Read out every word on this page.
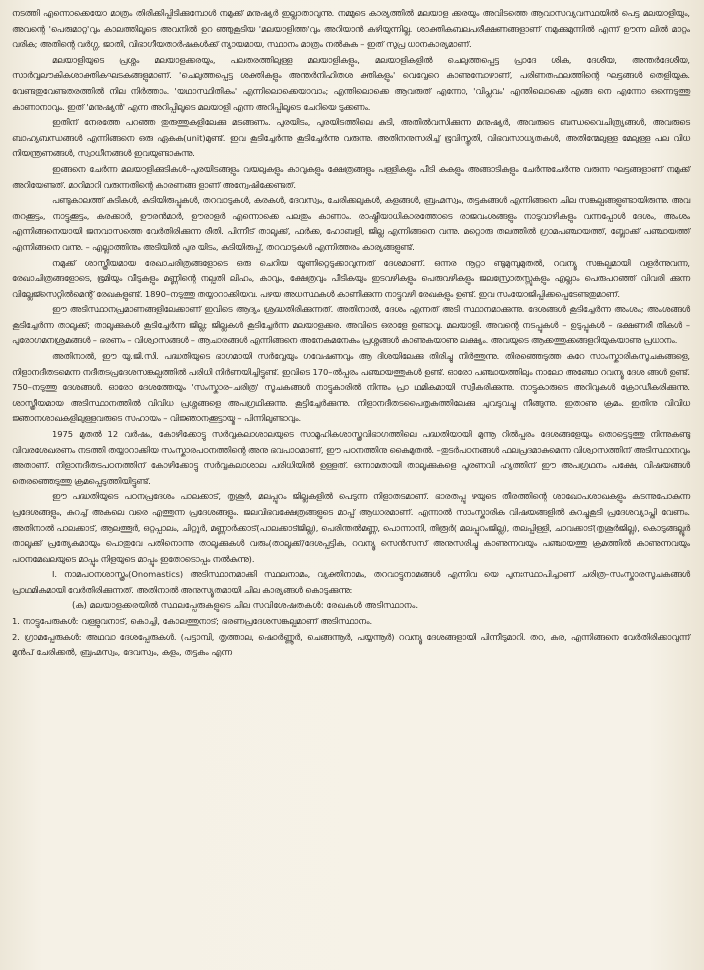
നടത്തി എന്നൊക്കെയോ മാത്രം തിരിക്കിപ്പിടിക്കുമ്പോൾ നമുക്ക് മനുഷ്യർ ഇല്ലാതാവുന്നു. നമ്മുടെ കാര്യത്തിൽ മലയാള ക്കരയും അവിടത്തെ ആവാസവ്യവസ്ഥയിൽ പെട്ട മലയാളിയും, അവന്റെ 'പെരുമാറ്റ'വും കാലത്തിലൂടെ അവനിൽ ഉറ ഞ്ഞുകൂടിയ 'മലയാളിത്ത'വും അറിയാൻ കഴിയുന്നില്ല. ശാക്തികബലപരീക്ഷണങ്ങളാണ് നമുക്കുമുന്നിൽ എന്ന് ഊന്ന ലിൽ മാറ്റം വരിക; അതിന്റെ വർഗ്ഗ, ജാതി, വിഭാഗീയതാർഷകൾക്ക് ന്യായമായ, സ്ഥാനം മാത്രം നൽകുക – ഇത് സുപ്ര ധാനകാര്യമാണ്.

മലയാളിയുടെ പ്രശ്നം മലയാളക്കരയും, പലതരത്തിലുള്ള മലയാളികളും, മലയാളികളിൽ ചെലുത്തപ്പെട്ട പ്രാദേ ശിക, ദേശീയ, അന്തർദേശീയ, സാർവ്വലൗകികശാക്തികഘടകങ്ങളുമാണ്. 'ചെലുത്തപ്പെട്ട ശക്തികളും അന്തർനിഹിതശ ക്തികളും' വെവ്വേറെ കാണുമ്പോഴാണ്, പരിണതഫലത്തിന്റെ ഘട്ടങ്ങൾ തെളിയുക. വേണ്ടതുവേണ്ടതരത്തിൽ നില നിർത്താം. 'യഥാസ്ഥിതികം' എന്നിലൊക്കെയാവാം; എന്തിലൊക്കെ ആവരുത് എന്നോ, 'വിപ്ലവം' എന്തിലൊക്കെ എങ്ങ നെ എന്നോ ഒന്നെടുത്തു കാണാനാവും. ഇത് 'മനുഷ്യൻ' എന്ന അറിപ്പിലൂടെ മലയാളി എന്ന അറിപ്പിലൂടെ ചേറിയെ ടുക്കണം.

ഇതിന് നേരത്തേ പറഞ്ഞ തുരുത്തുകളിലേക്കു മടങ്ങണം. പുരയിടം, പുരയിടത്തിലെ കുടി, അതിൽവസിക്കുന്ന മനുഷ്യർ, അവരുടെ ബന്ധവൈചിത്ര്യങ്ങൾ, അവരുടെ ബാഹ്യബന്ധങ്ങൾ എന്നിങ്ങനെ ഒരു ഏകക(unit)മുണ്ട്. ഇവ കൂടിച്ചേർന്നു കൂടിച്ചേർന്നു വരുന്നു. അതിനനുസരിച്ച് ഭൂവിസ്തൃതി, വിഭവസാധ്യതകൾ, അതിന്മേലുള്ള മേലുള്ള പല വിധ നിയന്ത്രണങ്ങൾ, സ്വാധീനങ്ങൾ ഇവയുണ്ടാകുന്നു.

ഇങ്ങനെ ചേർന്ന മലയാളിക്കുടികൾ–പുരയിടങ്ങളും വയലുകളും കാവുകളും ക്ഷേത്രങ്ങളും പള്ളികളും പീടി കകളും അങ്ങാടികളും ചേർന്നുചേർന്നു വരുന്ന ഘട്ടങ്ങളാണ് നമുക്ക് അറിയേണ്ടത്. മാറിമാറി വരുന്നതിന്റെ കാരണങ്ങ ളാണ് അന്വേഷിക്കേണ്ടത്.

പണ്ടുകാലത്ത് കുടികൾ, കുടിയിരുപ്പുകൾ, തറവാടുകൾ, കരകൾ, ദേവസ്വം, ചേരിക്കലുകൾ, കളങ്ങൾ, ബ്രഹ്മസ്വം, തട്ടകങ്ങൾ എന്നിങ്ങനെ ചില സങ്കല്പങ്ങളുണ്ടായിരുന്നു. അവ തറക്കൂട്ടം, നാട്ടുക്കൂട്ടം, കരക്കാർ, ഊരൻമാർ, ഊരാളർ എന്നൊക്കെ പലതും കാണാം. രാഷ്ട്രീയാധികാരത്തോടെ രാജവംശങ്ങളും നാടുവാഴികളും വന്നപ്പോൾ ദേശം, അംശം എന്നിങ്ങനെയായി ജനവാസത്തെ വേർതിരിക്കുന്ന രീതി. പിന്നീട് താലൂക്ക്, ഫർക്ക, ഹോബളി, ജില്ല എന്നിങ്ങനെ വന്നു. മറ്റൊരു തലത്തിൽ ഗ്രാമപഞ്ചായത്ത്, ബ്ലോക്ക് പഞ്ചായത്ത് എന്നിങ്ങനെ വന്നു. – എല്ലാത്തിനും അടിയിൽ പുര യിടം, കുടിയിരുപ്പ്, തറവാടുകൾ എന്നിത്തരം കാര്യങ്ങളുണ്ട്.

നമുക്ക് ശാസ്ത്രീയമായ രേഖാചരിത്രങ്ങളോടെ ഒരു ചെറിയ യൂണിറ്റെടുക്കാവുന്നത് ദേശമാണ്. ഒന്നര നൂറ്റാ ണ്ടുമുമ്പുമുതൽ, റവന്യൂ സങ്കല്പമായി വളർന്നുവന്ന, രേഖാചിത്രങ്ങളോടെ, ഭൂമിയും വീടുകളും മണ്ണിന്റെ നല്പതി ലിഹം, കാവും, ക്ഷേത്രവും പീടികയും ഇടവഴികളും പെരുവഴികളും ജലസ്രോതസ്സുകളും എല്ലാം പെരുപറഞ്ഞ് വിവരി ക്കുന്ന വില്ലേജ്സെറ്റിൽമെന്റ് രേഖകളുണ്ട്. 1890–നടുത്തു തയ്യാറാക്കിയവ. പഴയ അധസ്ഥകൾ കാണിക്കുന്ന നാട്ടുവഴി രേഖകളും ഉണ്ട്. ഇവ സംയോജിപ്പിക്കപ്പെടേണ്ടതുമാണ്.

ഈ അടിസ്ഥാനപ്രമാണങ്ങളിലേക്കാണ് ഇവിടെ ആദ്യം ശ്രദ്ധതിരിക്കുന്നത്. അതിനാൽ, ദേശം എന്നത് അടി സ്ഥാനമാക്കുന്നു. ദേശങ്ങൾ കൂടിച്ചേർന്ന അംശം; അംശങ്ങൾ കൂടിച്ചേർന്ന താലൂക്ക്; താലൂക്കുകൾ കൂടിച്ചേർന്ന ജില്ല; ജില്ലകൾ കൂടിച്ചേർന്ന മലയാളക്കര. അവിടെ ഒരാളേ ഉണ്ടാവൂ. മലയാളി. അവന്റെ നടപ്പുകൾ – ഉടുപ്പുകൾ – ഭക്ഷണരീ തികൾ – പുരോഗമനശ്രമങ്ങൾ – ഭരണം – വിശ്വാസങ്ങൾ – ആചാരങ്ങൾ എന്നിങ്ങനെ അനേകമനേകം പ്രശ്നങ്ങൾ കാണുകയാണു ലക്ഷ്യം. അവയുടെ ആക്കത്തുക്കങ്ങളറിയുകയാണു പ്രധാനം.

അതിനാൽ, ഈ യു.ജി.സി. പദ്ധതിയുടെ ഭാഗമായി സർവ്വേയും ഗവേഷണവും ആ ദിശയിലേക്കു തിരിച്ചു നിർത്തുന്നു. തിരഞ്ഞെടുത്ത കുറേ സാംസ്കാരികസൂചകങ്ങളെ, നിളാനദീതടമെന്ന നദീതടപ്രദേശസങ്കല്പത്തിൽ പരിധി നിർണയിച്ചിട്ടുണ്ട്. ഇവിടെ 170–ൽപ്പരം പഞ്ചായത്തുകൾ ഉണ്ട്. ഓരോ പഞ്ചായത്തിലും നാലോ അഞ്ചോ റവന്യൂ ദേശ ങ്ങൾ ഉണ്ട്. 750–നടുത്തു ദേശങ്ങൾ. ഓരോ ദേശത്തേയും 'സംസ്കാര–ചരിത്ര' സൂചകങ്ങൾ നാട്ടുകാരിൽ നിന്നും പ്രാ ഥമികമായി സ്വീകരിക്കുന്നു. നാട്ടുകാരുടെ അറിവുകൾ ക്രോഡീകരിക്കുന്നു. ശാസ്ത്രീയമായ അടിസ്ഥാനത്തിൽ വിവിധ പ്രശ്നങ്ങളെ അപഗ്രഥിക്കുന്നു. കൂട്ടിച്ചേർക്കുന്നു. നിളാനദീതടപൈതൃകത്തിലേക്കു ചുവടുവച്ചു നീങ്ങുന്നു. ഇതാണു ക്രമം. ഇതിനു വിവിധ ജ്ഞാനശാഖകളിലുള്ളവരുടെ സഹായം – വിജ്ഞാനക്കൂട്ടായ്മ – പിന്നിലുണ്ടാവും.

1975 മുതൽ 12 വർഷം, കോഴിക്കോട്ടു സർവ്വകലാശാലയുടെ സാമൂഹികശാസ്ത്രവിഭാഗത്തിലെ പദ്ധതിയായി മുന്നൂ റിൽപ്പരം ദേശങ്ങളേയും തൊട്ടെടുത്തു നിന്നുകണ്ടു വിവരശേഖരണം നടത്തി തയ്യാറാക്കിയ സംസ്കാരപഠനത്തിന്റെ അനു ഭവപാഠമാണ്, ഈ പഠനത്തിനു കൈമുതൽ. –തുടർപഠനങ്ങൾ ഫലപ്രദമാകുമെന്ന വിശ്വാസത്തിന് അടിസ്ഥാനവും അതാണ്. നിളാനദീതടപഠനത്തിന് കോഴിക്കോട്ടു സർവ്വകലാശാല പരിധിയിൽ ഉള്ളത്. ഒന്നാമതായി താലൂക്കുകളെ പൂരണവി ഹ്യത്തിന് ഈ അപഗ്രഥനം പക്ഷേ, വിഷയങ്ങൾ തെരഞ്ഞെടുത്തു ക്രമപ്പെടുത്തിയിട്ടുണ്ട്.

ഈ പദ്ധതിയുടെ പഠനപ്രദേശം പാലക്കാട്, തൃശൂർ, മലപ്പുറം ജില്ലകളിൽ പെടുന്ന നിളാതടമാണ്. ഭാരതപ്പു ഴയുടെ തീരത്തിന്റെ ശാഖോപശാഖകളും കടന്നുപോകുന്ന പ്രദേശങ്ങളും, കുറച്ച് അകലെ വരെ എത്തുന്ന പ്രദേശങ്ങളും. ജലവിഭവക്ഷേത്രങ്ങളുടെ മാപ്പ് ആധാരമാണ്. എന്നാൽ സാംസ്കാരിക വിഷയങ്ങളിൽ കുറച്ചുകൂടി പ്രദേശവ്യാപ്തി വേണം. അതിനാൽ പാലക്കാട്, ആലത്തൂർ, ഒറ്റപ്പാലം, ചിറ്റൂർ, മണ്ണാർക്കാട്(പാലക്കാട്ജില്ല), പെരിന്തൽമണ്ണ, പൊന്നാനി, തിരൂർ( മലപ്പുറംജില്ല), തലപ്പിള്ളി, ചാവക്കാട്(തൃശൂർജില്ല), കൊടുങ്ങല്ലൂർ താലൂക്ക് പ്രത്യേകമായും പൊതുവേ പതിനൊന്നു താലൂക്കുകൾ വരും(താലൂക്ക്/ദേശപ്പട്ടിക, റവന്യൂ സെൻസസ് അനുസരിച്ചു കാണുന്നവയും പഞ്ചായത്തു ക്രമത്തിൽ കാണുന്നവയും പഠനമേഖലയുടെ മാപ്പും നിളയുടെ മാപ്പും ഇതോടൊപ്പം നൽകുന്നു).

I. നാമപഠനശാസ്ത്രം(Onomastics) അടിസ്ഥാനമാക്കി സ്ഥലനാമം, വ്യക്തിനാമം, തറവാട്ടുനാമങ്ങൾ എന്നിവ യെ പുനഃസ്ഥാപിച്ചാണ് ചരിത്ര–സംസ്കാരസൂചകങ്ങൾ പ്രാഥമികമായി വേർതിരിക്കുന്നത്. അതിനാൽ അനുസ്യൂതമായി ചില കാര്യങ്ങൾ കൊടുക്കുന്നു:

(ക) മലയാളക്കരയിൽ സ്ഥലപ്പേരുകളുടെ ചില സവിശേഷതകൾ: രേഖകൾ അടിസ്ഥാനം.

1. നാട്ടുപേരുകൾ: വള്ളുവനാട്, കൊച്ചി, കോലത്തുനാട്; ഭരണപ്രദേശസങ്കല്പമാണ് അടിസ്ഥാനം.

2. ഗ്രാമപ്പേരുകൾ: അഥവാ ദേശപ്പേരുകൾ. (പട്ടാമ്പി, തൃത്താല, ഷൊർണ്ണൂർ, ചെങ്ങന്നൂർ, പയ്യന്നൂർ) റവന്യൂ ദേശങ്ങളായി പിന്നീടുമാറി. തറ, കര, എന്നിങ്ങനെ വേർതിരിക്കാവുന്ന് മുൻപ് ചേരിക്കൽ, ബ്രഹ്മസ്വം, ദേവസ്വം, കളം, തട്ടകം എന്ന
